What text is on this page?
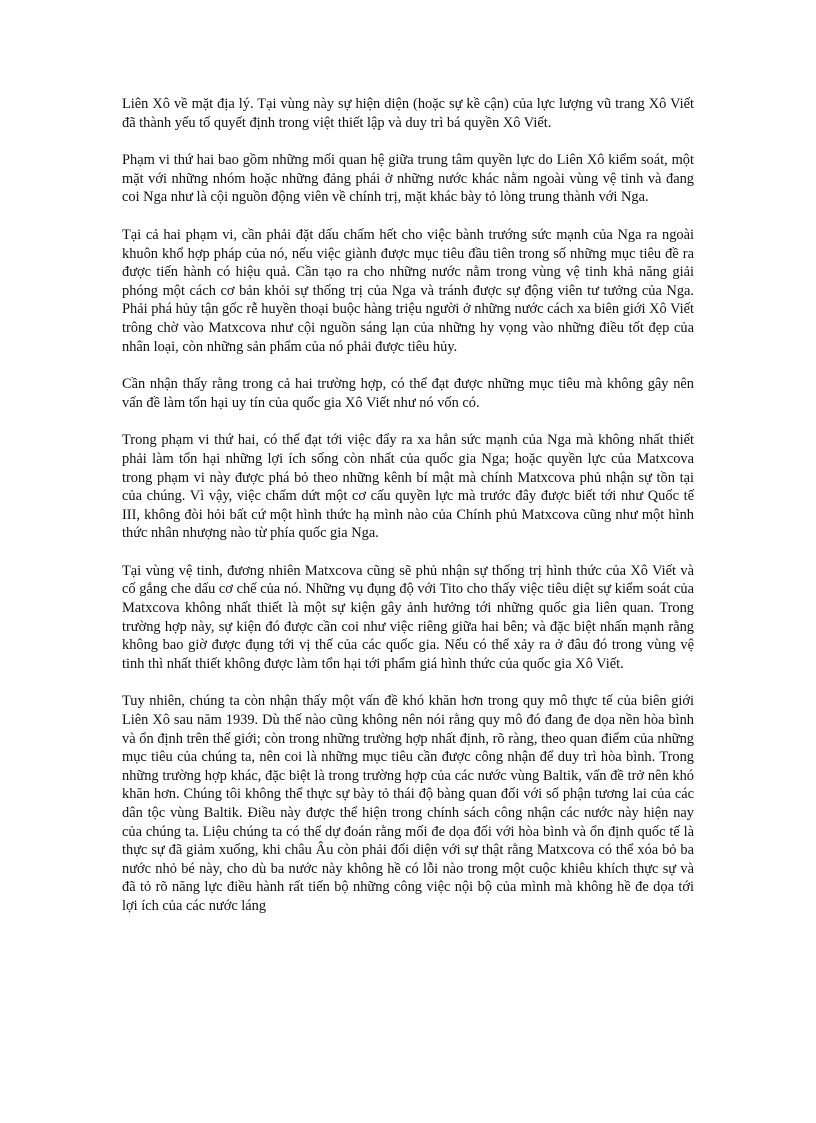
Liên Xô về mặt địa lý. Tại vùng này sự hiện diện (hoặc sự kề cận) của lực lượng vũ trang Xô Viết đã thành yếu tố quyết định trong việt thiết lập và duy trì bá quyền Xô Viết.

Phạm vi thứ hai bao gồm những mối quan hệ giữa trung tâm quyền lực do Liên Xô kiểm soát, một mặt với những nhóm hoặc những đảng phái ở những nước khác nằm ngoài vùng vệ tinh và đang coi Nga như là cội nguồn động viên về chính trị, mặt khác bày tỏ lòng trung thành với Nga.

Tại cả hai phạm vi, cần phải đặt dấu chấm hết cho việc bành trướng sức mạnh của Nga ra ngoài khuôn khổ hợp pháp của nó, nếu việc giành được mục tiêu đầu tiên trong số những mục tiêu đề ra được tiến hành có hiệu quả. Cần tạo ra cho những nước nằm trong vùng vệ tinh khả năng giải phóng một cách cơ bản khỏi sự thống trị của Nga và tránh được sự động viên tư tưởng của Nga. Phải phá hủy tận gốc rễ huyền thoại buộc hàng triệu người ở những nước cách xa biên giới Xô Viết trông chờ vào Matxcova như cội nguồn sáng lạn của những hy vọng vào những điều tốt đẹp của nhân loại, còn những sản phẩm của nó phải được tiêu hủy.

Cần nhận thấy rằng trong cả hai trường hợp, có thể đạt được những mục tiêu mà không gây nên vấn đề làm tổn hại uy tín của quốc gia Xô Viết như nó vốn có.

Trong phạm vi thứ hai, có thể đạt tới việc đẩy ra xa hẳn sức mạnh của Nga mà không nhất thiết phải làm tổn hại những lợi ích sống còn nhất của quốc gia Nga; hoặc quyền lực của Matxcova trong phạm vi này được phá bỏ theo những kênh bí mật mà chính Matxcova phủ nhận sự tồn tại của chúng. Vì vậy, việc chấm dứt một cơ cấu quyền lực mà trước đây được biết tới như Quốc tế III, không đòi hỏi bất cứ một hình thức hạ mình nào của Chính phủ Matxcova cũng như một hình thức nhân nhượng nào từ phía quốc gia Nga.

Tại vùng vệ tinh, đương nhiên Matxcova cũng sẽ phủ nhận sự thống trị hình thức của Xô Viết và cố gắng che dấu cơ chế của nó. Những vụ đụng độ với Tito cho thấy việc tiêu diệt sự kiểm soát của Matxcova không nhất thiết là một sự kiện gây ảnh hưởng tới những quốc gia liên quan. Trong trường hợp này, sự kiện đó được cần coi như việc riêng giữa hai bên; và đặc biệt nhấn mạnh rằng không bao giờ được đụng tới vị thế của các quốc gia. Nếu có thể xảy ra ở đâu đó trong vùng vệ tinh thì nhất thiết không được làm tổn hại tới phẩm giá hình thức của quốc gia Xô Viết.

Tuy nhiên, chúng ta còn nhận thấy một vấn đề khó khăn hơn trong quy mô thực tế của biên giới Liên Xô sau năm 1939. Dù thế nào cũng không nên nói rằng quy mô đó đang đe dọa nền hòa bình và ổn định trên thế giới; còn trong những trường hợp nhất định, rõ ràng, theo quan điểm của những mục tiêu của chúng ta, nên coi là những mục tiêu cần được công nhận để duy trì hòa bình. Trong những trường hợp khác, đặc biệt là trong trường hợp của các nước vùng Baltik, vấn đề trở nên khó khăn hơn. Chúng tôi không thể thực sự bày tỏ thái độ bàng quan đối với số phận tương lai của các dân tộc vùng Baltik. Điều này được thể hiện trong chính sách công nhận các nước này hiện nay của chúng ta. Liệu chúng ta có thể dự đoán rằng mối đe dọa đối với hòa bình và ổn định quốc tế là thực sự đã giảm xuống, khi châu Âu còn phải đối diện với sự thật rằng Matxcova có thể xóa bỏ ba nước nhỏ bé này, cho dù ba nước này không hề có lỗi nào trong một cuộc khiêu khích thực sự và đã tỏ rõ năng lực điều hành rất tiến bộ những công việc nội bộ của mình mà không hề đe dọa tới lợi ích của các nước láng
